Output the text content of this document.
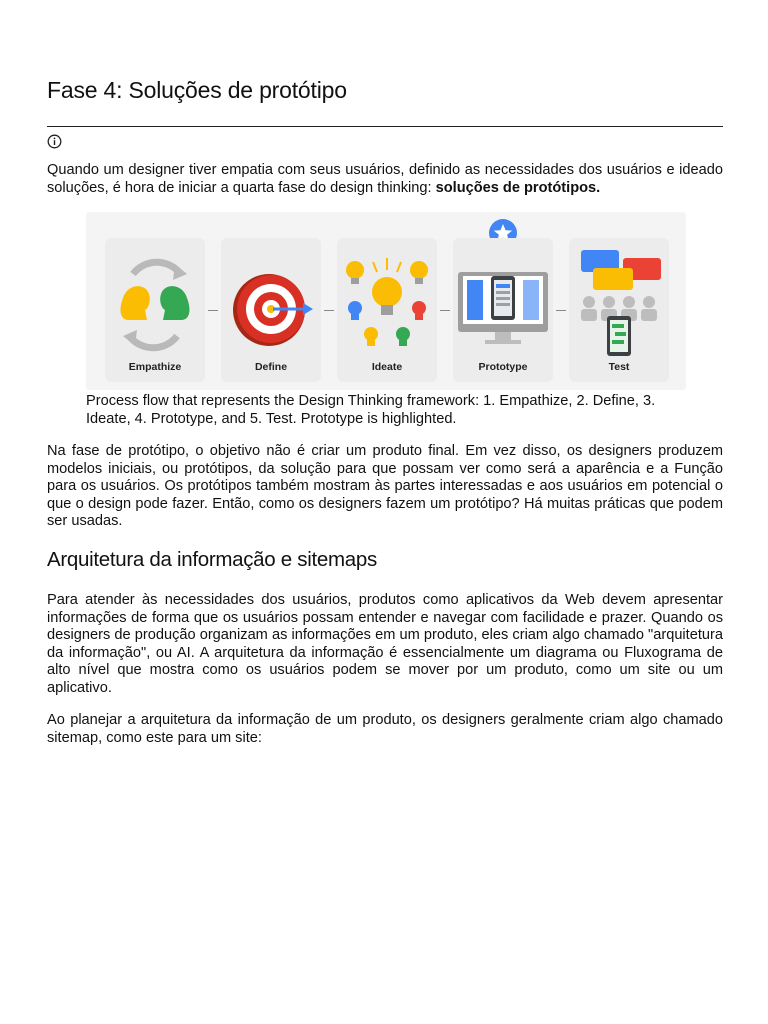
Fase 4: Soluções de protótipo

Quando um designer tiver empatia com seus usuários, definido as necessidades dos usuários e ideado soluções, é hora de iniciar a quarta fase do design thinking: soluções de protótipos.

Empathize	Define	Ideate	Prototype	Test

Process flow that represents the Design Thinking framework: 1. Empathize, 2. Define, 3. Ideate, 4. Prototype, and 5. Test. Prototype is highlighted.

Na fase de protótipo, o objetivo não é criar um produto final. Em vez disso, os designers produzem modelos iniciais, ou protótipos, da solução para que possam ver como será a aparência e a Função para os usuários. Os protótipos também mostram às partes interessadas e aos usuários em potencial o que o design pode fazer. Então, como os designers fazem um protótipo? Há muitas práticas que podem ser usadas.

Arquitetura da informação e sitemaps

Para atender às necessidades dos usuários, produtos como aplicativos da Web devem apresentar informações de forma que os usuários possam entender e navegar com facilidade e prazer. Quando os designers de produção organizam as informações em um produto, eles criam algo chamado "arquitetura da informação", ou AI. A arquitetura da informação é essencialmente um diagrama ou Fluxograma de alto nível que mostra como os usuários podem se mover por um produto, como um site ou um aplicativo.

Ao planejar a arquitetura da informação de um produto, os designers geralmente criam algo chamado sitemap, como este para um site:
